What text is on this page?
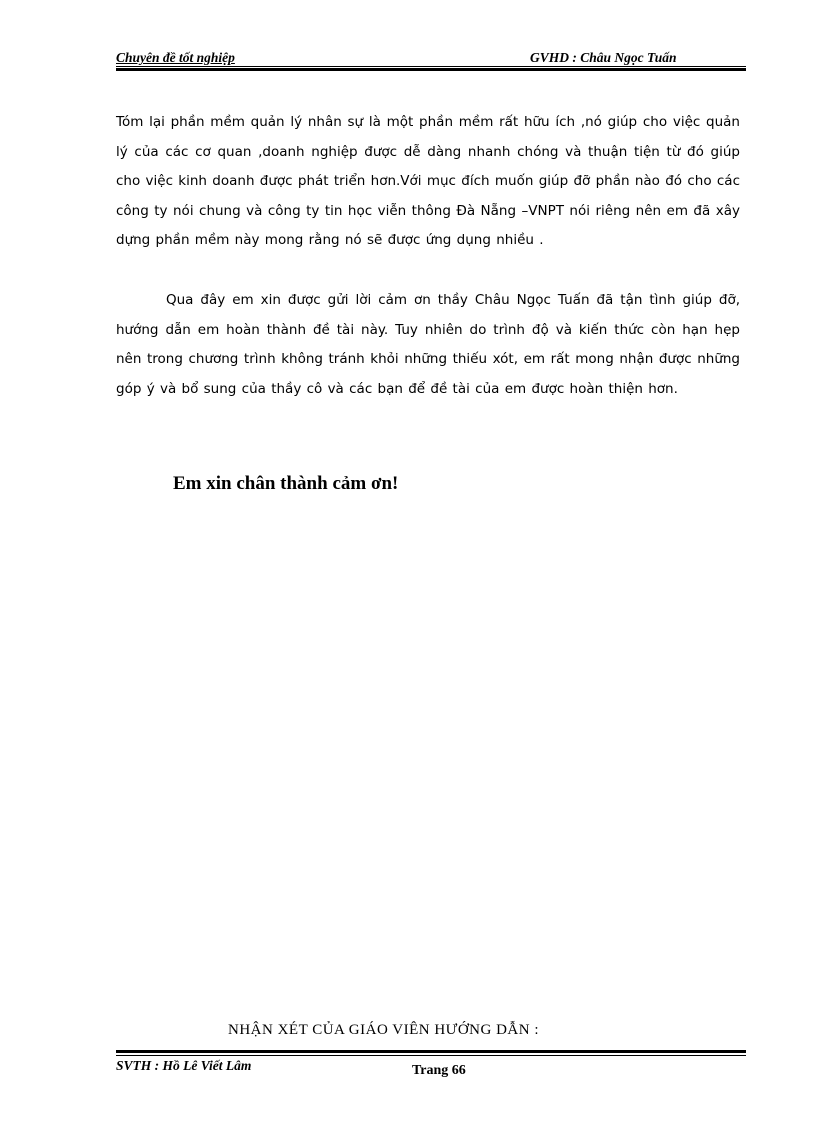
Chuyên đề tốt nghiệp	GVHD : Châu Ngọc Tuấn
Tóm lại phần mềm quản lý nhân sự là một phần mềm rất hữu ích ,nó giúp cho việc quản lý của các cơ quan ,doanh nghiệp được dễ dàng nhanh chóng và thuận tiện từ đó giúp cho việc kinh doanh được phát triển hơn.Với mục đích muốn giúp đỡ phần nào đó cho các công ty nói chung và công ty tin học viễn thông Đà Nẵng –VNPT nói riêng nên em đã xây dựng phần mềm này mong rằng nó sẽ được ứng dụng nhiều .
Qua đây em xin được gửi lời cảm ơn thầy Châu Ngọc Tuấn đã tận tình giúp đỡ, hướng dẫn em hoàn thành đề tài này. Tuy nhiên do trình độ và kiến thức còn hạn hẹp nên trong chương trình không tránh khỏi những thiếu xót, em rất mong nhận được những góp ý và bổ sung của thầy cô và các bạn để đề tài của em được hoàn thiện hơn.
Em xin chân thành cảm ơn!
NHẬN XÉT CỦA GIÁO VIÊN HƯỚNG DẪN :
SVTH : Hồ Lê Viết Lâm	Trang 66
